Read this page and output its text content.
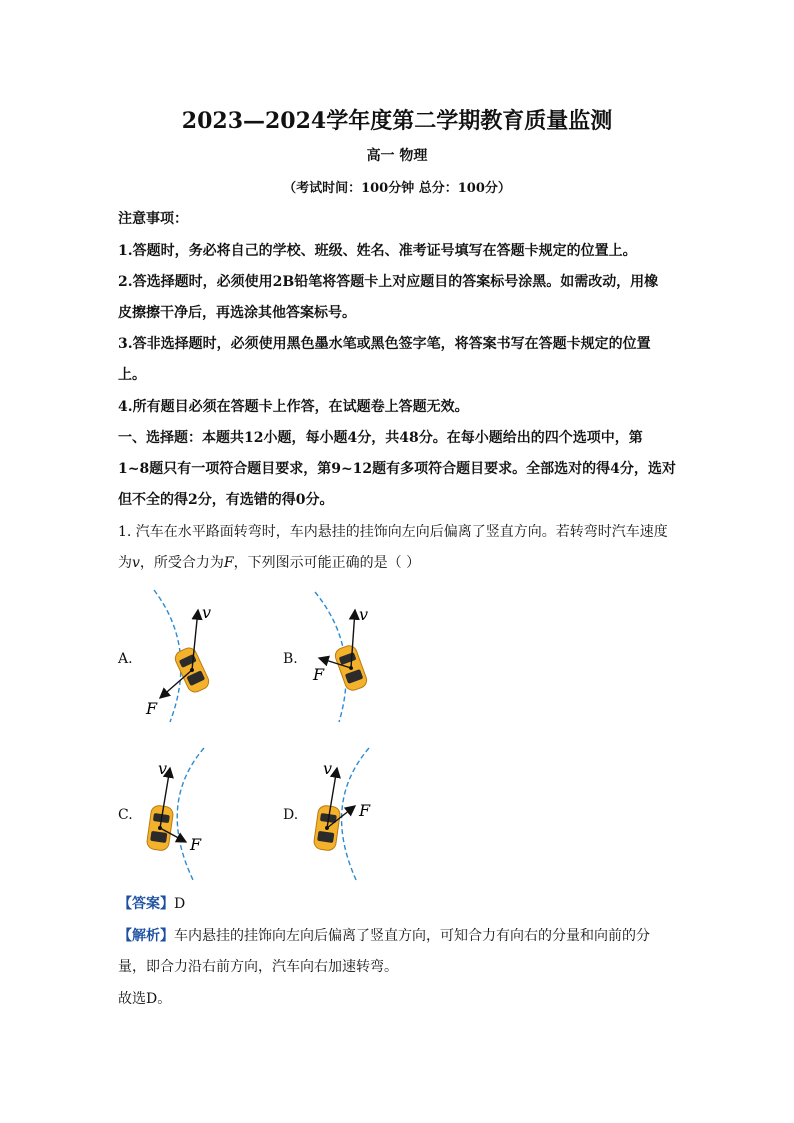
2023—2024学年度第二学期教育质量监测
高一 物理
（考试时间：100分钟 总分：100分）
注意事项：
1.答题时，务必将自己的学校、班级、姓名、准考证号填写在答题卡规定的位置上。
2.答选择题时，必须使用2B铅笔将答题卡上对应题目的答案标号涂黑。如需改动，用橡
皮擦擦干净后，再选涂其他答案标号。
3.答非选择题时，必须使用黑色墨水笔或黑色签字笔，将答案书写在答题卡规定的位置
上。
4.所有题目必须在答题卡上作答，在试题卷上答题无效。
一、选择题：本题共12小题，每小题4分，共48分。在每小题给出的四个选项中，第
1~8题只有一项符合题目要求，第9~12题有多项符合题目要求。全部选对的得4分，选对
但不全的得2分，有选错的得0分。
1. 汽车在水平路面转弯时，车内悬挂的挂饰向左向后偏离了竖直方向。若转弯时汽车速度
为v，所受合力为F，下列图示可能正确的是（ ）
A.	B.
C.	D.
v
F
v
F
v
F
v
F
【答案】D
【解析】车内悬挂的挂饰向左向后偏离了竖直方向，可知合力有向右的分量和向前的分
量，即合力沿右前方向，汽车向右加速转弯。
故选D。
